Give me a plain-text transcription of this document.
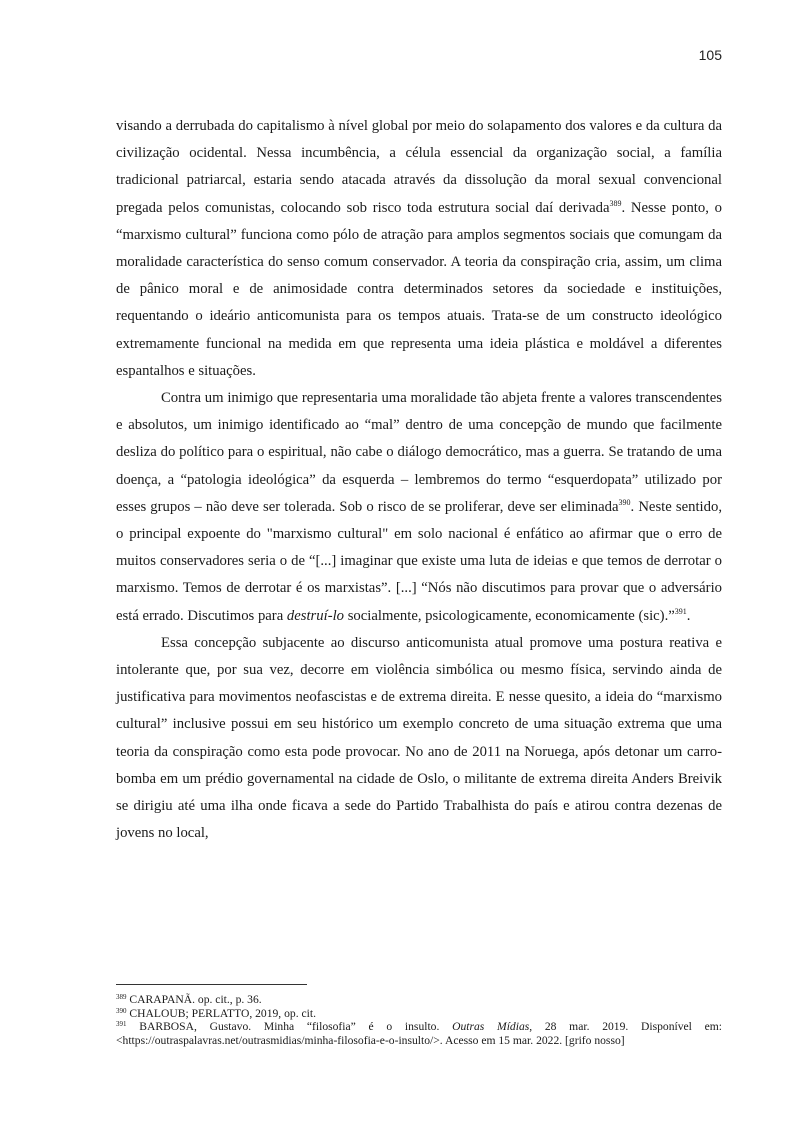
105

visando a derrubada do capitalismo à nível global por meio do solapamento dos valores e da cultura da civilização ocidental. Nessa incumbência, a célula essencial da organização social, a família tradicional patriarcal, estaria sendo atacada através da dissolução da moral sexual convencional pregada pelos comunistas, colocando sob risco toda estrutura social daí derivada$^{389}$. Nesse ponto, o “marxismo cultural” funciona como pólo de atração para amplos segmentos sociais que comungam da moralidade característica do senso comum conservador. A teoria da conspiração cria, assim, um clima de pânico moral e de animosidade contra determinados setores da sociedade e instituições, requentando o ideário anticomunista para os tempos atuais. Trata-se de um constructo ideológico extremamente funcional na medida em que representa uma ideia plástica e moldável a diferentes espantalhos e situações.

Contra um inimigo que representaria uma moralidade tão abjeta frente a valores transcendentes e absolutos, um inimigo identificado ao “mal” dentro de uma concepção de mundo que facilmente desliza do político para o espiritual, não cabe o diálogo democrático, mas a guerra. Se tratando de uma doença, a “patologia ideológica” da esquerda – lembremos do termo “esquerdopata” utilizado por esses grupos – não deve ser tolerada. Sob o risco de se proliferar, deve ser eliminada$^{390}$. Neste sentido, o principal expoente do "marxismo cultural" em solo nacional é enfático ao afirmar que o erro de muitos conservadores seria o de “[...] imaginar que existe uma luta de ideias e que temos de derrotar o marxismo. Temos de derrotar é os marxistas”. [...] “Nós não discutimos para provar que o adversário está errado. Discutimos para destruí-lo socialmente, psicologicamente, economicamente (sic).”$^{391}$.

Essa concepção subjacente ao discurso anticomunista atual promove uma postura reativa e intolerante que, por sua vez, decorre em violência simbólica ou mesmo física, servindo ainda de justificativa para movimentos neofascistas e de extrema direita. E nesse quesito, a ideia do “marxismo cultural” inclusive possui em seu histórico um exemplo concreto de uma situação extrema que uma teoria da conspiração como esta pode provocar. No ano de 2011 na Noruega, após detonar um carro-bomba em um prédio governamental na cidade de Oslo, o militante de extrema direita Anders Breivik se dirigiu até uma ilha onde ficava a sede do Partido Trabalhista do país e atirou contra dezenas de jovens no local,

$^{389}$ CARAPANÃ. op. cit., p. 36.

$^{390}$ CHALOUB; PERLATTO, 2019, op. cit.

$^{391}$ BARBOSA, Gustavo. Minha “filosofia” é o insulto. Outras Mídias, 28 mar. 2019. Disponível em: <https://outraspalavras.net/outrasmidias/minha-filosofia-e-o-insulto/>. Acesso em 15 mar. 2022. [grifo nosso]
